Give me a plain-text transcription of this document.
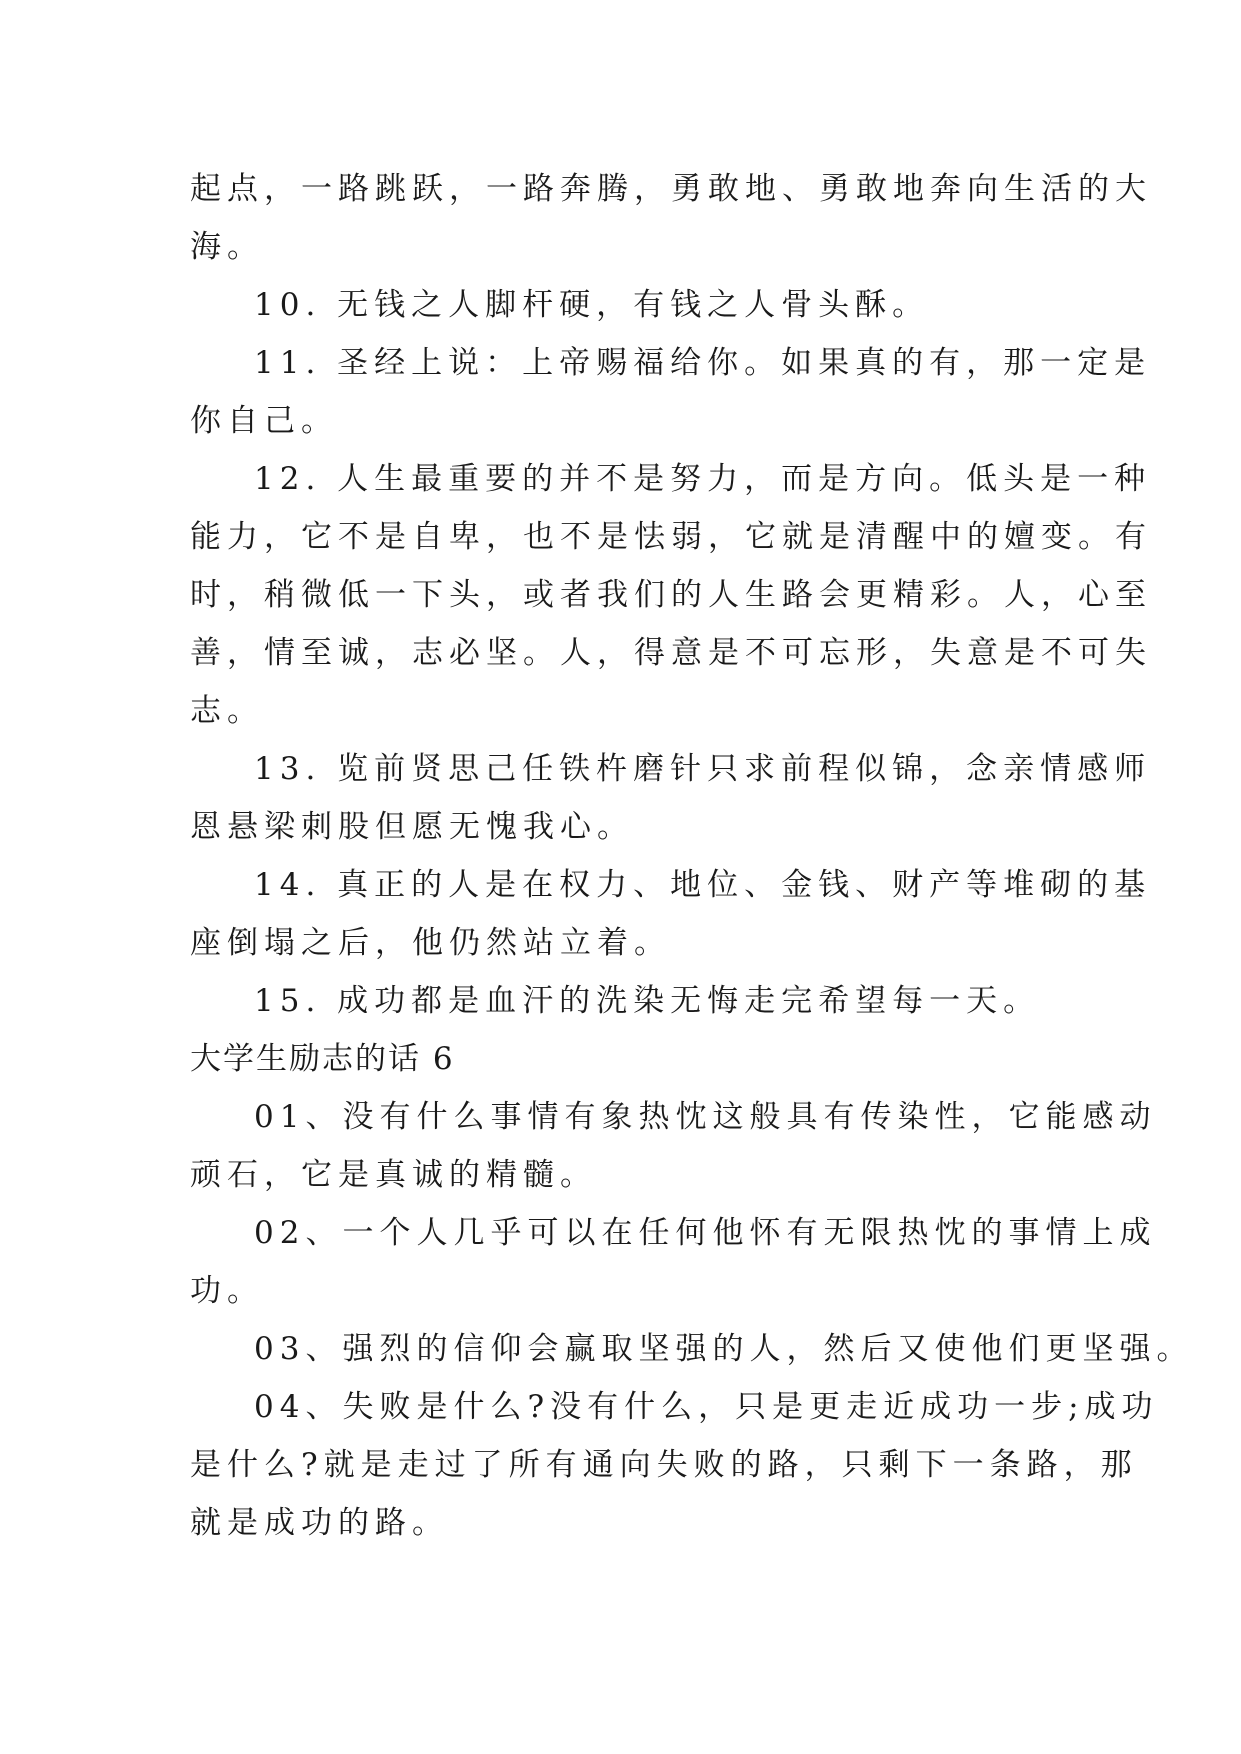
起点，一路跳跃，一路奔腾，勇敢地、勇敢地奔向生活的大
海。

10. 无钱之人脚杆硬，有钱之人骨头酥。

11. 圣经上说：上帝赐福给你。如果真的有，那一定是
你自己。

12. 人生最重要的并不是努力，而是方向。低头是一种
能力，它不是自卑，也不是怯弱，它就是清醒中的嬗变。有
时，稍微低一下头，或者我们的人生路会更精彩。人，心至
善，情至诚，志必坚。人，得意是不可忘形，失意是不可失
志。

13. 览前贤思己任铁杵磨针只求前程似锦，念亲情感师
恩悬梁刺股但愿无愧我心。

14. 真正的人是在权力、地位、金钱、财产等堆砌的基
座倒塌之后，他仍然站立着。

15. 成功都是血汗的洗染无悔走完希望每一天。

大学生励志的话 6

01、没有什么事情有象热忱这般具有传染性，它能感动
顽石，它是真诚的精髓。

02、一个人几乎可以在任何他怀有无限热忱的事情上成
功。

03、强烈的信仰会赢取坚强的人，然后又使他们更坚强。

04、失败是什么?没有什么，只是更走近成功一步;成功
是什么?就是走过了所有通向失败的路，只剩下一条路，那
就是成功的路。
